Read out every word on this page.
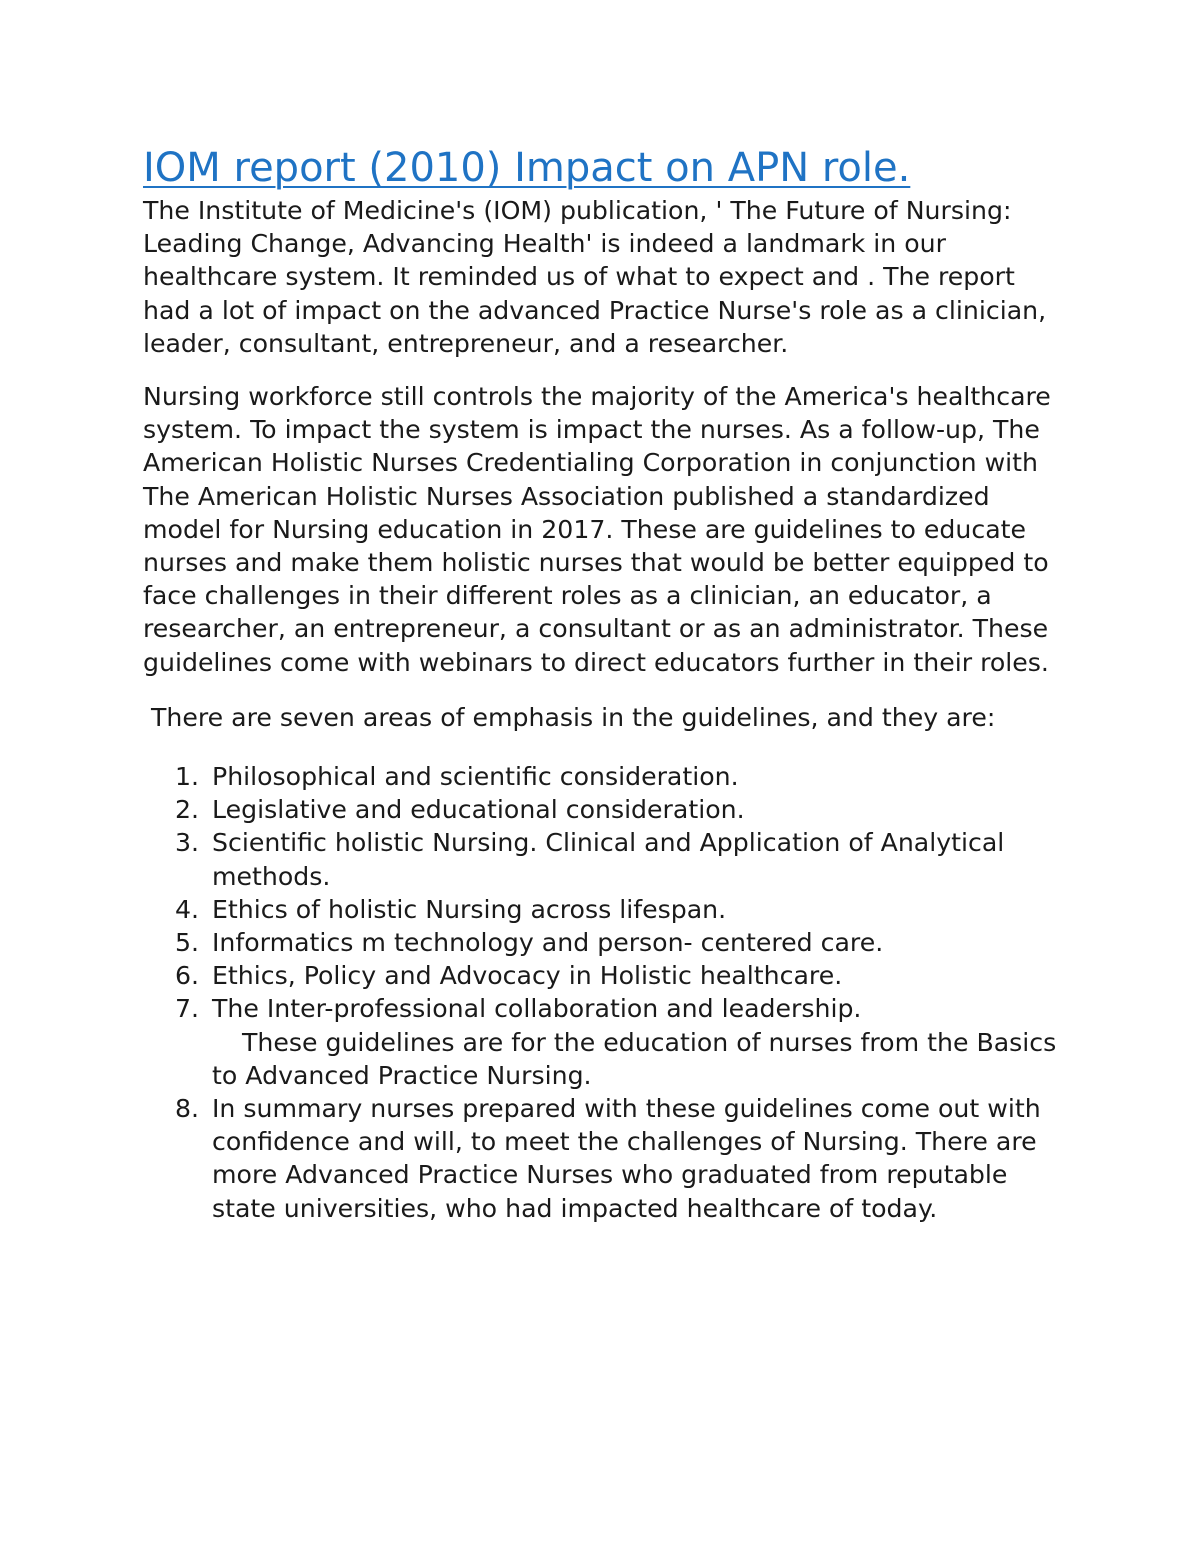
IOM report (2010) Impact on APN role.

The Institute of Medicine's (IOM) publication, ' The Future of Nursing: Leading Change, Advancing Health' is indeed a landmark in our healthcare system. It reminded us of what to expect and . The report had a lot of impact on the advanced Practice Nurse's role as a clinician, leader, consultant, entrepreneur, and a researcher.

Nursing workforce still controls the majority of the America's healthcare system. To impact the system is impact the nurses. As a follow-up, The American Holistic Nurses Credentialing Corporation in conjunction with The American Holistic Nurses Association published a standardized model for Nursing education in 2017. These are guidelines to educate nurses and make them holistic nurses that would be better equipped to face challenges in their different roles as a clinician, an educator, a researcher, an entrepreneur, a consultant or as an administrator. These guidelines come with webinars to direct educators further in their roles.

There are seven areas of emphasis in the guidelines, and they are:

1. Philosophical and scientific consideration.
2. Legislative and educational consideration.
3. Scientific holistic Nursing. Clinical and Application of Analytical methods.
4. Ethics of holistic Nursing across lifespan.
5. Informatics m technology and person- centered care.
6. Ethics, Policy and Advocacy in Holistic healthcare.
7. The Inter-professional collaboration and leadership.
These guidelines are for the education of nurses from the Basics to Advanced Practice Nursing.
8. In summary nurses prepared with these guidelines come out with confidence and will, to meet the challenges of Nursing. There are more Advanced Practice Nurses who graduated from reputable state universities, who had impacted healthcare of today.
